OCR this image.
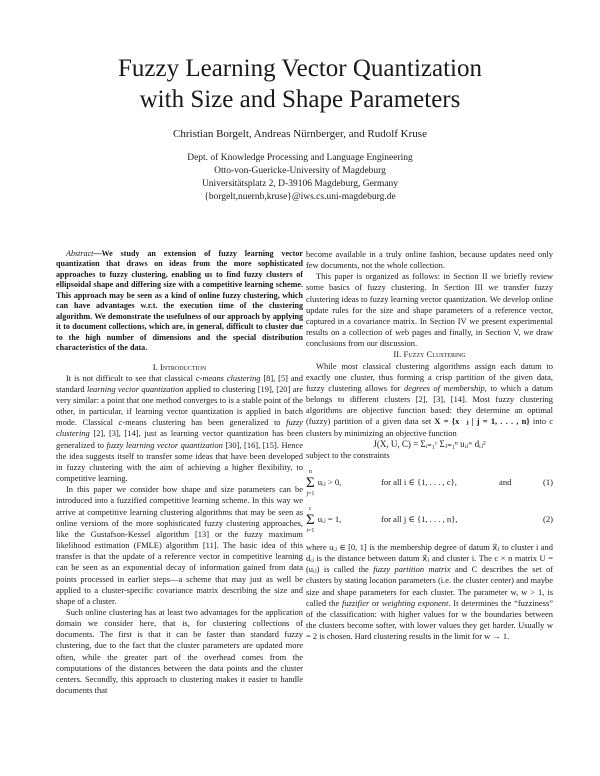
Fuzzy Learning Vector Quantization
with Size and Shape Parameters
Christian Borgelt, Andreas Nürnberger, and Rudolf Kruse
Dept. of Knowledge Processing and Language Engineering
Otto-von-Guericke-University of Magdeburg
Universitätsplatz 2, D-39106 Magdeburg, Germany
{borgelt,nuernb,kruse}@iws.cs.uni-magdeburg.de

Abstract—We study an extension of fuzzy learning vector quantization that draws on ideas from the more sophisticated approaches to fuzzy clustering, enabling us to find fuzzy clusters of ellipsoidal shape and differing size with a competitive learning scheme. This approach may be seen as a kind of online fuzzy clustering, which can have advantages w.r.t. the execution time of the clustering algorithm. We demonstrate the usefulness of our approach by applying it to document collections, which are, in general, difficult to cluster due to the high number of dimensions and the special distribution characteristics of the data.

I. Introduction

It is not difficult to see that classical c-means clustering [8], [5] and standard learning vector quantization applied to clustering [19], [20] are very similar: a point that one method converges to is a stable point of the other, in particular, if learning vector quantization is applied in batch mode. Classical c-means clustering has been generalized to fuzzy clustering [2], [3], [14], just as learning vector quantization has been generalized to fuzzy learning vector quantization [30], [16], [15]. Hence the idea suggests itself to transfer some ideas that have been developed in fuzzy clustering with the aim of achieving a higher flexibility, to competitive learning.

In this paper we consider how shape and size parameters can be introduced into a fuzzified competitive learning scheme. In this way we arrive at competitive learning clustering algorithms that may be seen as online versions of the more sophisticated fuzzy clustering approaches, like the Gustafson-Kessel algorithm [13] or the fuzzy maximum likelihood estimation (FMLE) algorithm [11]. The basic idea of this transfer is that the update of a reference vector in competitive learning can be seen as an exponential decay of information gained from data points processed in earlier steps—a scheme that may just as well be applied to a cluster-specific covariance matrix describing the size and shape of a cluster.

Such online clustering has at least two advantages for the application domain we consider here, that is, for clustering collections of documents. The first is that it can be faster than standard fuzzy clustering, due to the fact that the cluster parameters are updated more often, while the greater part of the overhead comes from the computations of the distances between the data points and the cluster centers. Secondly, this approach to clustering makes it easier to handle documents that

become available in a truly online fashion, because updates need only few documents, not the whole collection.

This paper is organized as follows: in Section II we briefly review some basics of fuzzy clustering. In Section III we transfer fuzzy clustering ideas to fuzzy learning vector quantization. We develop online update rules for the size and shape parameters of a reference vector, captured in a covariance matrix. In Section IV we present experimental results on a collection of web pages and finally, in Section V, we draw conclusions from our discussion.

II. Fuzzy Clustering

While most classical clustering algorithms assign each datum to exactly one cluster, thus forming a crisp partition of the given data, fuzzy clustering allows for degrees of membership, to which a datum belongs to different clusters [2], [3], [14]. Most fuzzy clustering algorithms are objective function based: they determine an optimal (fuzzy) partition of a given data set X = {x⃗ⱼ | j = 1, . . . , n} into c clusters by minimizing an objective function

J(X, U, C) = Σᵢ₌₁ᶜ Σⱼ₌₁ⁿ uᵢⱼʷ dᵢⱼ²

subject to the constraints

n
Σ
j=1
uᵢⱼ > 0,	for all i ∈ {1, . . . , c},	and	(1)
c
Σ
i=1
uᵢⱼ = 1,	for all j ∈ {1, . . . , n},	(2)

where uᵢⱼ ∈ [0, 1] is the membership degree of datum x⃗ⱼ to cluster i and dᵢⱼ is the distance between datum x⃗ⱼ and cluster i. The c × n matrix U = (uᵢⱼ) is called the fuzzy partition matrix and C describes the set of clusters by stating location parameters (i.e. the cluster center) and maybe size and shape parameters for each cluster. The parameter w, w > 1, is called the fuzzifier or weighting exponent. It determines the “fuzziness” of the classification: with higher values for w the boundaries between the clusters become softer, with lower values they get harder. Usually w = 2 is chosen. Hard clustering results in the limit for w → 1.
